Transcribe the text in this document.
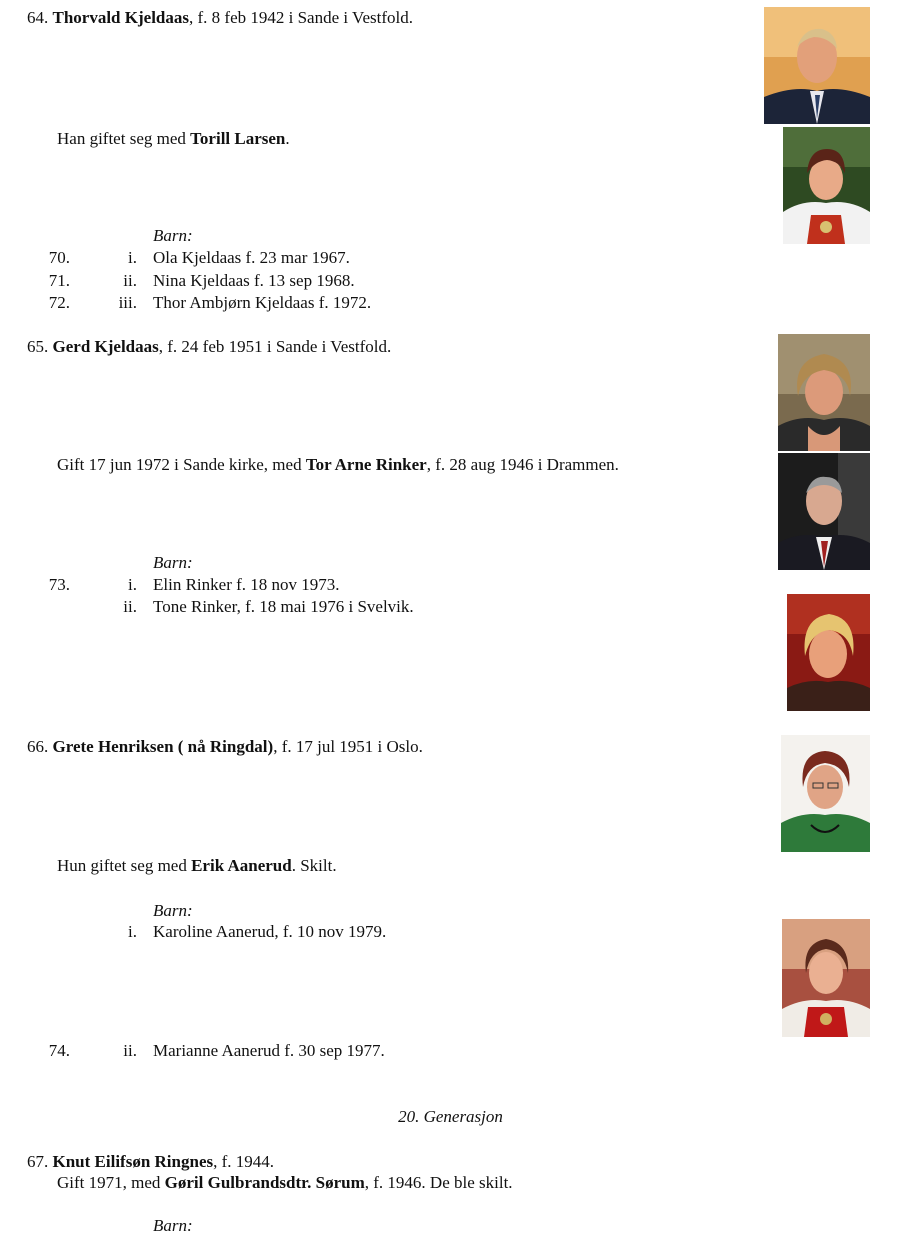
64. Thorvald Kjeldaas, f. 8 feb 1942 i Sande i Vestfold.
Han giftet seg med Torill Larsen.
Barn:
70.	i. Ola Kjeldaas f. 23 mar 1967.
71.	ii. Nina Kjeldaas f. 13 sep 1968.
72.	iii. Thor Ambjørn Kjeldaas f. 1972.
65. Gerd Kjeldaas, f. 24 feb 1951 i Sande i Vestfold.
Gift 17 jun 1972 i Sande kirke, med Tor Arne Rinker, f. 28 aug 1946 i Drammen.
Barn:
73.	i. Elin Rinker f. 18 nov 1973.
ii. Tone Rinker, f. 18 mai 1976 i Svelvik.
66. Grete Henriksen ( nå Ringdal), f. 17 jul 1951 i Oslo.
Hun giftet seg med Erik Aanerud. Skilt.
Barn:
i. Karoline Aanerud, f. 10 nov 1979.
74.	ii. Marianne Aanerud f. 30 sep 1977.
20. Generasjon
67. Knut Eilifsøn Ringnes, f. 1944.
Gift 1971, med Gøril Gulbrandsdtr. Sørum, f. 1946. De ble skilt.
Barn:
